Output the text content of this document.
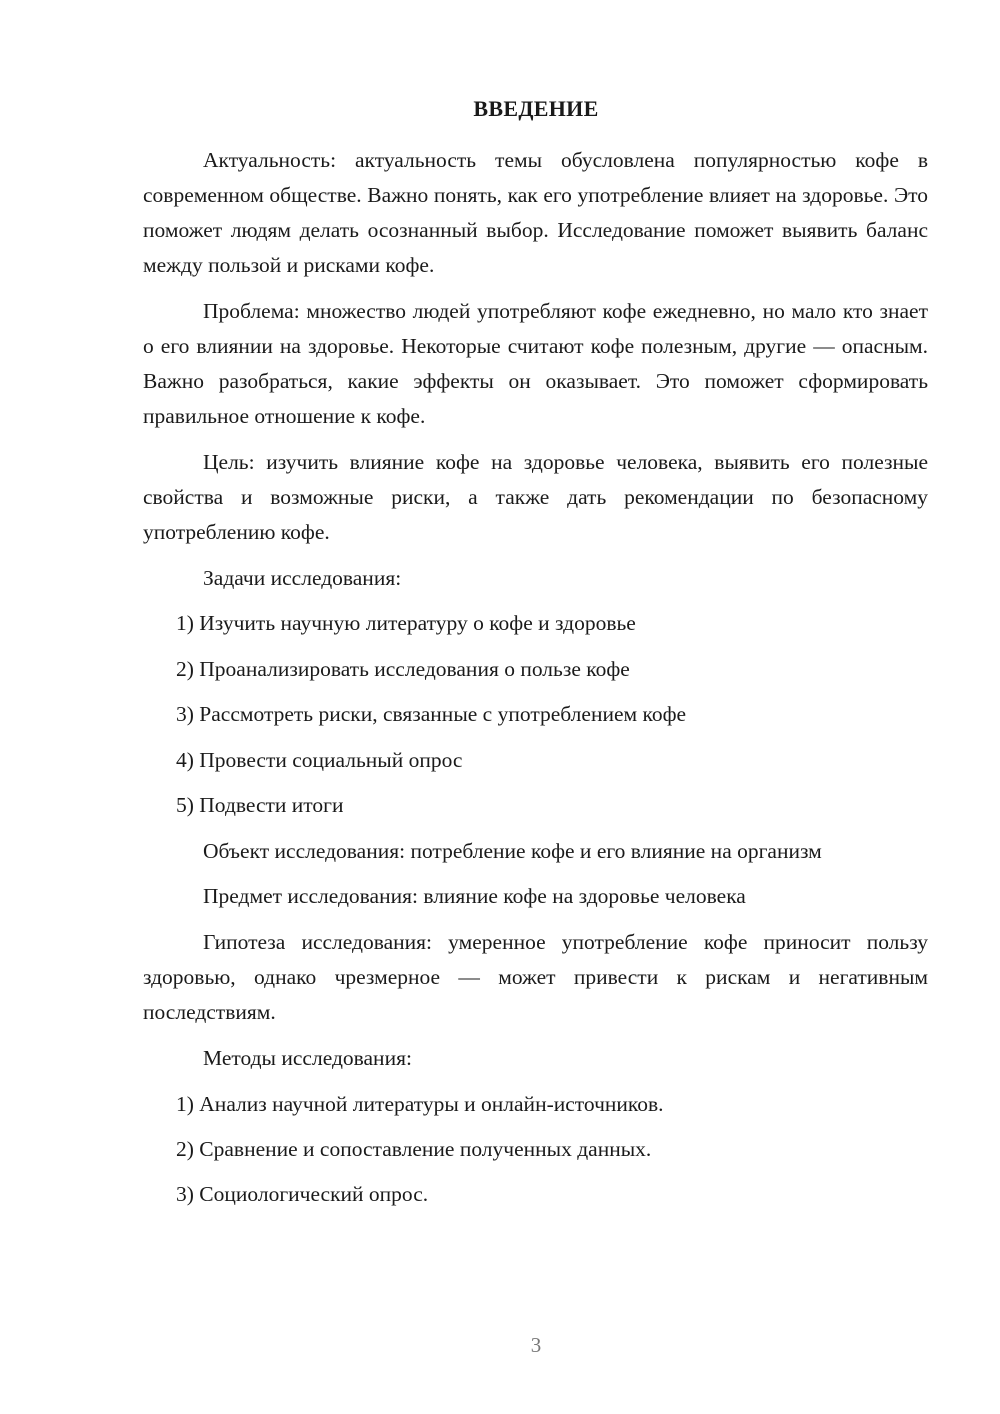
ВВЕДЕНИЕ

Актуальность: актуальность темы обусловлена популярностью кофе в современном обществе. Важно понять, как его употребление влияет на здоровье. Это поможет людям делать осознанный выбор. Исследование поможет выявить баланс между пользой и рисками кофе.

Проблема: множество людей употребляют кофе ежедневно, но мало кто знает о его влиянии на здоровье. Некоторые считают кофе полезным, другие — опасным. Важно разобраться, какие эффекты он оказывает. Это поможет сформировать правильное отношение к кофе.

Цель: изучить влияние кофе на здоровье человека, выявить его полезные свойства и возможные риски, а также дать рекомендации по безопасному употреблению кофе.

Задачи исследования:

1) Изучить научную литературу о кофе и здоровье

2) Проанализировать исследования о пользе кофе

3) Рассмотреть риски, связанные с употреблением кофе

4) Провести социальный опрос

5) Подвести итоги

Объект исследования: потребление кофе и его влияние на организм

Предмет исследования: влияние кофе на здоровье человека

Гипотеза исследования: умеренное употребление кофе приносит пользу здоровью, однако чрезмерное — может привести к рискам и негативным последствиям.

Методы исследования:

1) Анализ научной литературы и онлайн-источников.

2) Сравнение и сопоставление полученных данных.

3) Социологический опрос.

3
